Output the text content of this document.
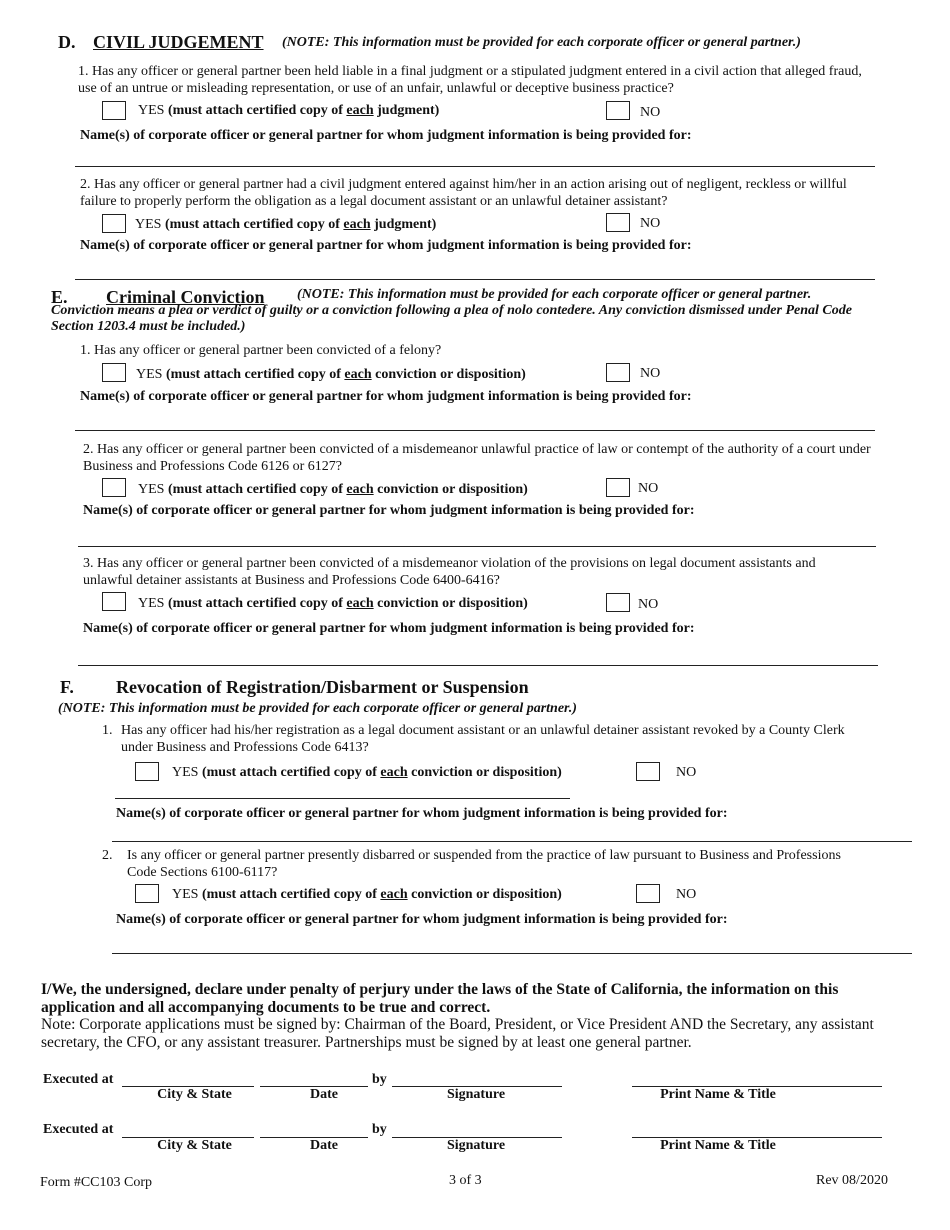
D. CIVIL JUDGEMENT (NOTE: This information must be provided for each corporate officer or general partner.)
1. Has any officer or general partner been held liable in a final judgment or a stipulated judgment entered in a civil action that alleged fraud, use of an untrue or misleading representation, or use of an unfair, unlawful or deceptive business practice?
YES (must attach certified copy of each judgment)	NO
Name(s) of corporate officer or general partner for whom judgment information is being provided for:
2. Has any officer or general partner had a civil judgment entered against him/her in an action arising out of negligent, reckless or willful failure to properly perform the obligation as a legal document assistant or an unlawful detainer assistant?
YES (must attach certified copy of each judgment)	NO
Name(s) of corporate officer or general partner for whom judgment information is being provided for:
E. Criminal Conviction	(NOTE: This information must be provided for each corporate officer or general partner. Conviction means a plea or verdict of guilty or a conviction following a plea of nolo contedere. Any conviction dismissed under Penal Code Section 1203.4 must be included.)
1. Has any officer or general partner been convicted of a felony?
YES (must attach certified copy of each conviction or disposition)	NO
Name(s) of corporate officer or general partner for whom judgment information is being provided for:
2. Has any officer or general partner been convicted of a misdemeanor unlawful practice of law or contempt of the authority of a court under Business and Professions Code 6126 or 6127?
YES (must attach certified copy of each conviction or disposition)	NO
Name(s) of corporate officer or general partner for whom judgment information is being provided for:
3. Has any officer or general partner been convicted of a misdemeanor violation of the provisions on legal document assistants and unlawful detainer assistants at Business and Professions Code 6400-6416?
YES (must attach certified copy of each conviction or disposition)	NO
Name(s) of corporate officer or general partner for whom judgment information is being provided for:
F. Revocation of Registration/Disbarment or Suspension
(NOTE: This information must be provided for each corporate officer or general partner.)
1. Has any officer had his/her registration as a legal document assistant or an unlawful detainer assistant revoked by a County Clerk under Business and Professions Code 6413?
YES (must attach certified copy of each conviction or disposition)	NO
Name(s) of corporate officer or general partner for whom judgment information is being provided for:
2. Is any officer or general partner presently disbarred or suspended from the practice of law pursuant to Business and Professions Code Sections 6100-6117?
YES (must attach certified copy of each conviction or disposition)	NO
Name(s) of corporate officer or general partner for whom judgment information is being provided for:
I/We, the undersigned, declare under penalty of perjury under the laws of the State of California, the information on this application and all accompanying documents to be true and correct.
Note: Corporate applications must be signed by: Chairman of the Board, President, or Vice President AND the Secretary, any assistant secretary, the CFO, or any assistant treasurer. Partnerships must be signed by at least one general partner.
Executed at	by
City & State	Date	Signature	Print Name & Title
Executed at	by
City & State	Date	Signature	Print Name & Title
Form #CC103 Corp	3 of 3	Rev 08/2020
